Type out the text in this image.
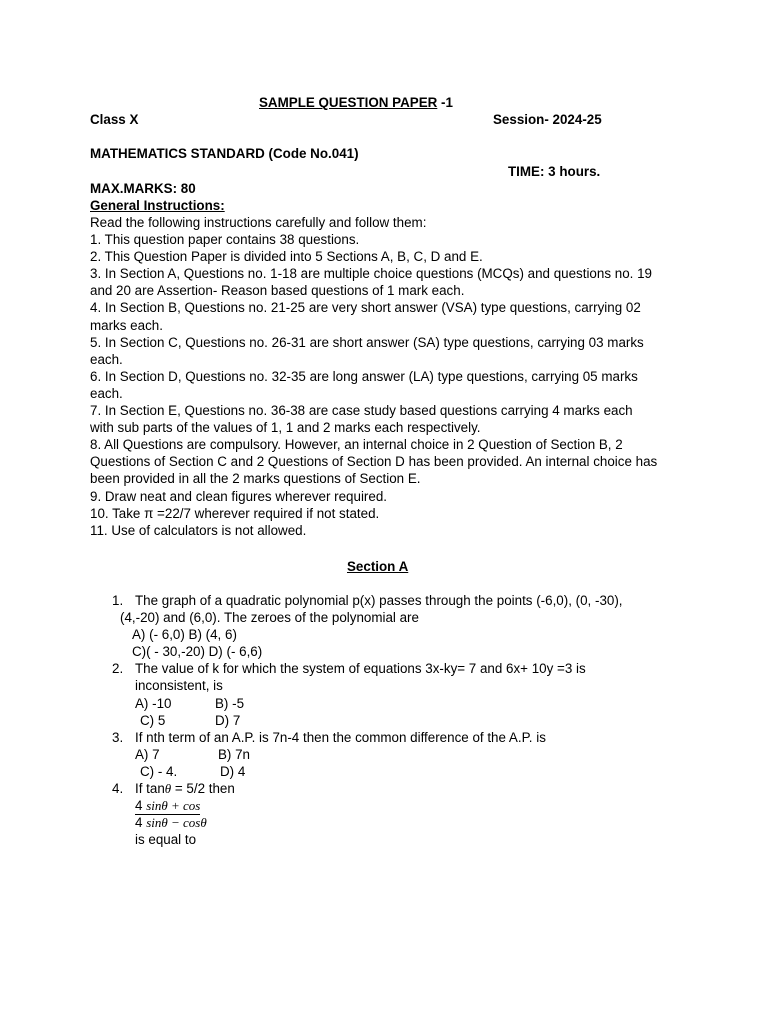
SAMPLE QUESTION PAPER -1
Class X	Session- 2024-25
MATHEMATICS STANDARD (Code No.041)
TIME: 3 hours.
MAX.MARKS: 80
General Instructions:
Read the following instructions carefully and follow them:
1. This question paper contains 38 questions.
2. This Question Paper is divided into 5 Sections A, B, C, D and E.
3. In Section A, Questions no. 1-18 are multiple choice questions (MCQs) and questions no. 19
and 20 are Assertion- Reason based questions of 1 mark each.
4. In Section B, Questions no. 21-25 are very short answer (VSA) type questions, carrying 02
marks each.
5. In Section C, Questions no. 26-31 are short answer (SA) type questions, carrying 03 marks
each.
6. In Section D, Questions no. 32-35 are long answer (LA) type questions, carrying 05 marks
each.
7. In Section E, Questions no. 36-38 are case study based questions carrying 4 marks each
with sub parts of the values of 1, 1 and 2 marks each respectively.
8. All Questions are compulsory. However, an internal choice in 2 Question of Section B, 2
Questions of Section C and 2 Questions of Section D has been provided. An internal choice has
been provided in all the 2 marks questions of Section E.
9. Draw neat and clean figures wherever required.
10. Take π =22/7 wherever required if not stated.
11. Use of calculators is not allowed.
Section A
1. The graph of a quadratic polynomial p(x) passes through the points (-6,0), (0, -30),
(4,-20) and (6,0). The zeroes of the polynomial are
A) (- 6,0) B) (4, 6)
C)( - 30,-20) D) (- 6,6)
2. The value of k for which the system of equations 3x-ky= 7 and 6x+ 10y =3 is
inconsistent, is
A) -10	B) -5
C) 5	D) 7
3. If nth term of an A.P. is 7n-4 then the common difference of the A.P. is
A) 7	B) 7n
C) - 4.	D) 4
4. If tanθ = 5/2 then
4 sinθ + cos
4 sinθ − cosθ
is equal to
